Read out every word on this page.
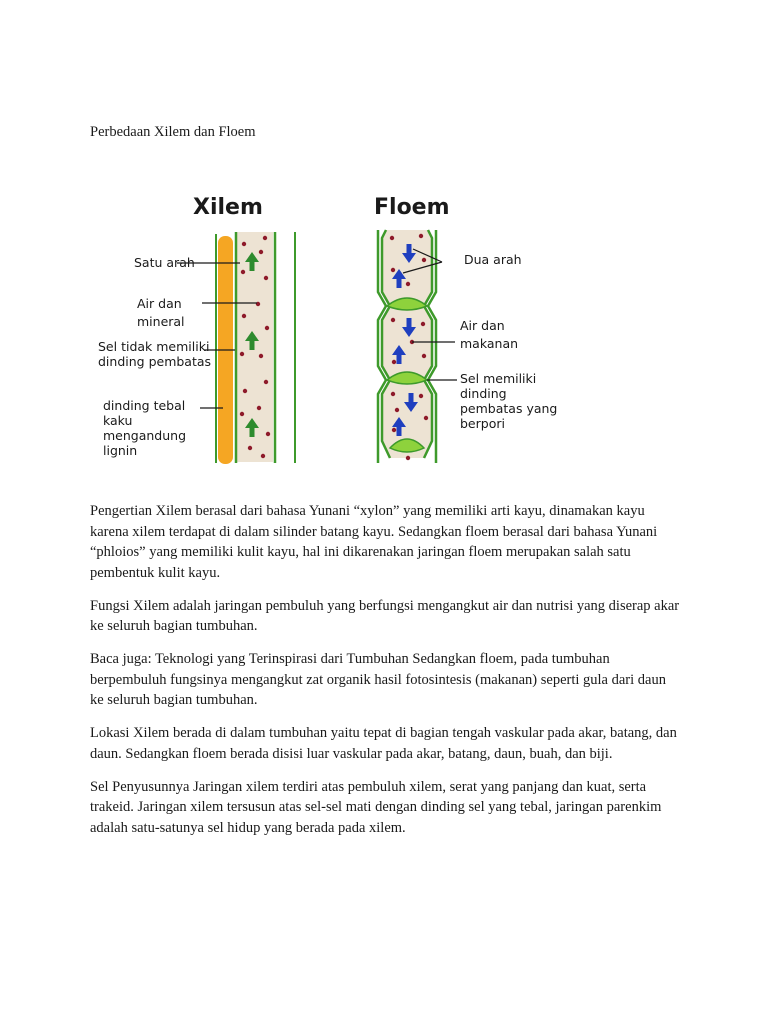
Perbedaan Xilem dan Floem
Xilem
Satu arah
Air dan mineral
Sel tidak memiliki dinding pembatas
dinding tebal kaku mengandung lignin
Floem
Dua arah
Air dan makanan
Sel memiliki dinding pembatas yang berpori

Pengertian Xilem berasal dari bahasa Yunani “xylon” yang memiliki arti kayu, dinamakan kayu karena xilem terdapat di dalam silinder batang kayu. Sedangkan floem berasal dari bahasa Yunani “phloios” yang memiliki kulit kayu, hal ini dikarenakan jaringan floem merupakan salah satu pembentuk kulit kayu.

Fungsi Xilem adalah jaringan pembuluh yang berfungsi mengangkut air dan nutrisi yang diserap akar ke seluruh bagian tumbuhan.

Baca juga: Teknologi yang Terinspirasi dari Tumbuhan Sedangkan floem, pada tumbuhan berpembuluh fungsinya mengangkut zat organik hasil fotosintesis (makanan) seperti gula dari daun ke seluruh bagian tumbuhan.

Lokasi Xilem berada di dalam tumbuhan yaitu tepat di bagian tengah vaskular pada akar, batang, dan daun. Sedangkan floem berada disisi luar vaskular pada akar, batang, daun, buah, dan biji.

Sel Penyusunnya Jaringan xilem terdiri atas pembuluh xilem, serat yang panjang dan kuat, serta trakeid. Jaringan xilem tersusun atas sel-sel mati dengan dinding sel yang tebal, jaringan parenkim adalah satu-satunya sel hidup yang berada pada xilem.
